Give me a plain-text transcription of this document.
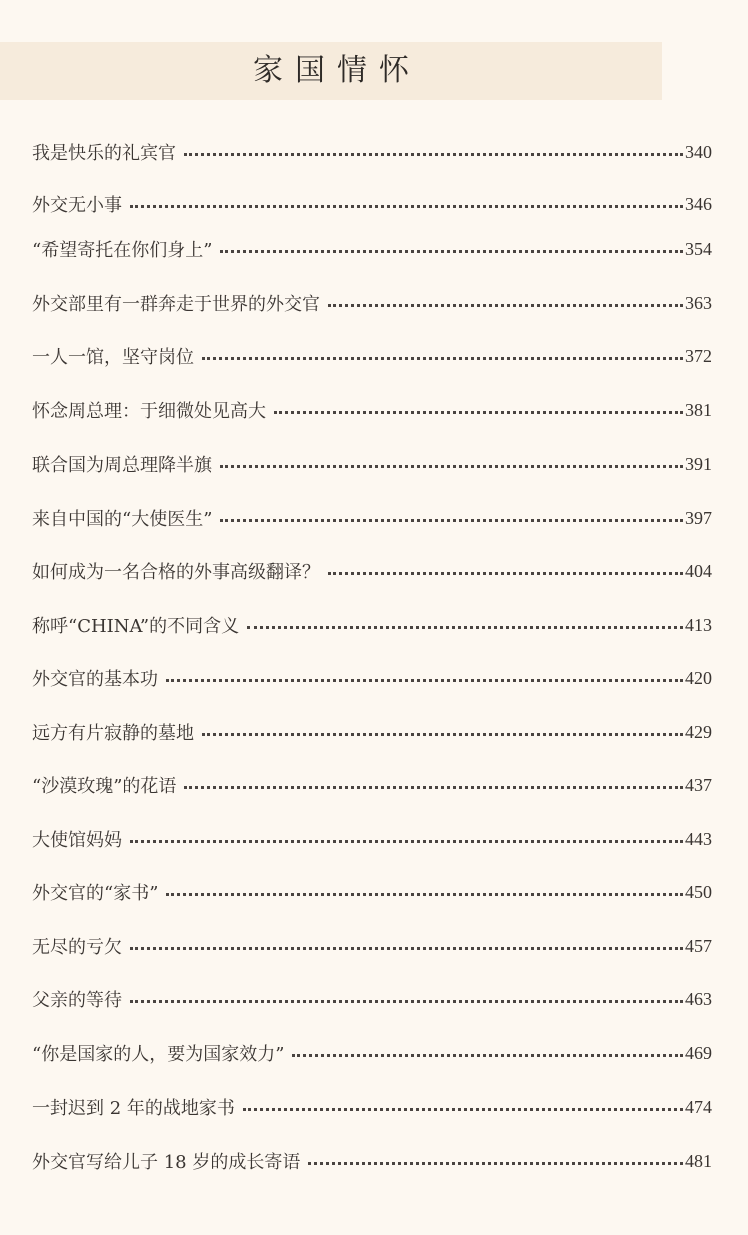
家国情怀
我是快乐的礼宾官	340
外交无小事	346
“希望寄托在你们身上”	354
外交部里有一群奔走于世界的外交官	363
一人一馆，坚守岗位	372
怀念周总理：于细微处见高大	381
联合国为周总理降半旗	391
来自中国的“大使医生”	397
如何成为一名合格的外事高级翻译？	404
称呼“CHINA”的不同含义	413
外交官的基本功	420
远方有片寂静的墓地	429
“沙漠玫瑰”的花语	437
大使馆妈妈	443
外交官的“家书”	450
无尽的亏欠	457
父亲的等待	463
“你是国家的人，要为国家效力”	469
一封迟到 2 年的战地家书	474
外交官写给儿子 18 岁的成长寄语	481
